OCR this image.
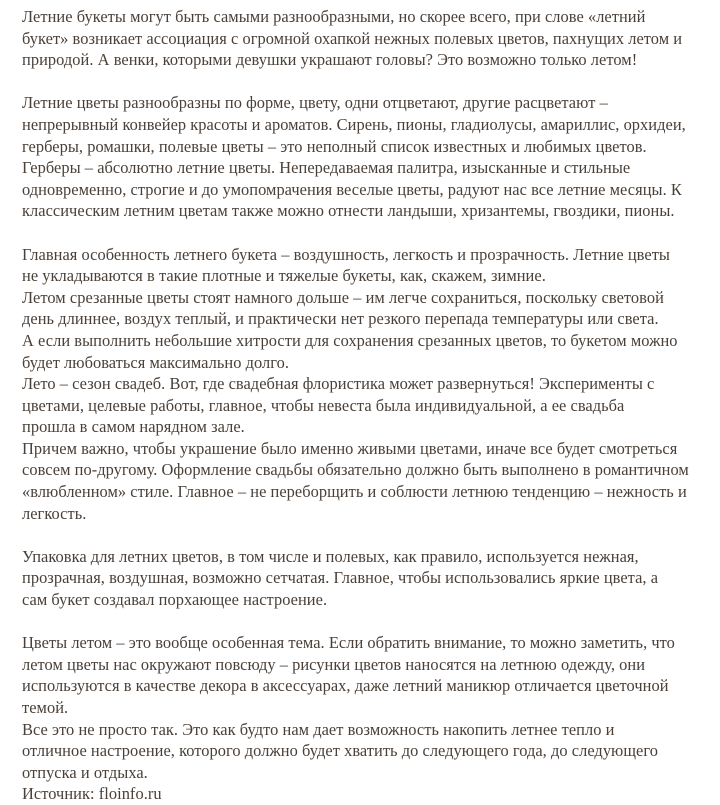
Летние букеты могут быть самыми разнообразными, но скорее всего, при слове «летний
букет» возникает ассоциация с огромной охапкой нежных полевых цветов, пахнущих летом и
природой. А венки, которыми девушки украшают головы? Это возможно только летом!

Летние цветы разнообразны по форме, цвету, одни отцветают, другие расцветают –
непрерывный конвейер красоты и ароматов. Сирень, пионы, гладиолусы, амариллис, орхидеи,
герберы, ромашки, полевые цветы – это неполный список известных и любимых цветов.
Герберы – абсолютно летние цветы. Непередаваемая палитра, изысканные и стильные
одновременно, строгие и до умопомрачения веселые цветы, радуют нас все летние месяцы. К
классическим летним цветам также можно отнести ландыши, хризантемы, гвоздики, пионы.

Главная особенность летнего букета – воздушность, легкость и прозрачность. Летние цветы
не укладываются в такие плотные и тяжелые букеты, как, скажем, зимние.
Летом срезанные цветы стоят намного дольше – им легче сохраниться, поскольку световой
день длиннее, воздух теплый, и практически нет резкого перепада температуры или света.
А если выполнить небольшие хитрости для сохранения срезанных цветов, то букетом можно
будет любоваться максимально долго.
Лето – сезон свадеб. Вот, где свадебная флористика может развернуться! Эксперименты с
цветами, целевые работы, главное, чтобы невеста была индивидуальной, а ее свадьба
прошла в самом нарядном зале.
Причем важно, чтобы украшение было именно живыми цветами, иначе все будет смотреться
совсем по-другому. Оформление свадьбы обязательно должно быть выполнено в романтичном
«влюбленном» стиле. Главное – не переборщить и соблюсти летнюю тенденцию – нежность и
легкость.

Упаковка для летних цветов, в том числе и полевых, как правило, используется нежная,
прозрачная, воздушная, возможно сетчатая. Главное, чтобы использовались яркие цвета, а
сам букет создавал порхающее настроение.

Цветы летом – это вообще особенная тема. Если обратить внимание, то можно заметить, что
летом цветы нас окружают повсюду – рисунки цветов наносятся на летнюю одежду, они
используются в качестве декора в аксессуарах, даже летний маникюр отличается цветочной
темой.
Все это не просто так. Это как будто нам дает возможность накопить летнее тепло и
отличное настроение, которого должно будет хватить до следующего года, до следующего
отпуска и отдыха.

Источник: floinfo.ru
